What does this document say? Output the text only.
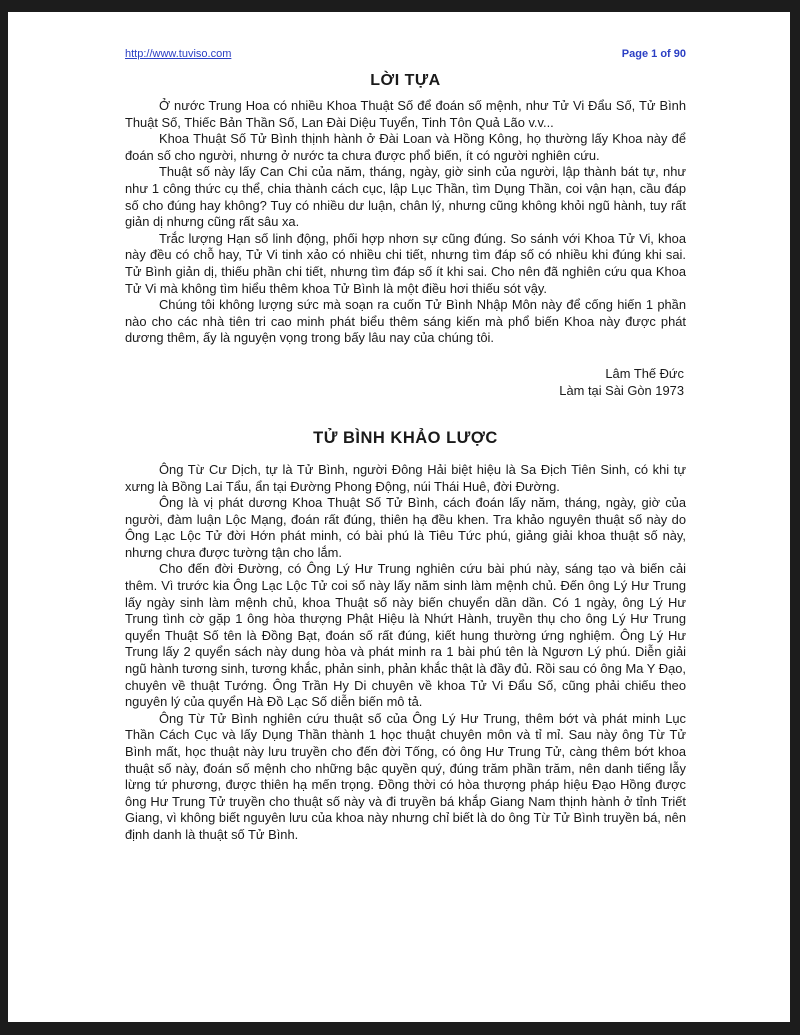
http://www.tuviso.com	Page 1 of 90
LỜI TỰA

Ở nước Trung Hoa có nhiều Khoa Thuật Số để đoán số mệnh, như Tử Vi Đẩu Số, Tử Bình Thuật Số, Thiếc Bản Thần Số, Lan Đài Diệu Tuyển, Tinh Tôn Quả Lão v.v...

Khoa Thuật Số Tử Bình thịnh hành ở Đài Loan và Hồng Kông, họ thường lấy Khoa này để đoán số cho người, nhưng ở nước ta chưa được phổ biến, ít có người nghiên cứu.

Thuật số này lấy Can Chi của năm, tháng, ngày, giờ sinh của người, lập thành bát tự, như như 1 công thức cụ thể, chia thành cách cục, lập Lục Thần, tìm Dụng Thần, coi vận hạn, cầu đáp số cho đúng hay không? Tuy có nhiều dư luận, chân lý, nhưng cũng không khỏi ngũ hành, tuy rất giản dị nhưng cũng rất sâu xa.

Trắc lượng Hạn số linh động, phối hợp nhơn sự cũng đúng. So sánh với Khoa Tử Vi, khoa này đều có chỗ hay, Tử Vi tinh xảo có nhiều chi tiết, nhưng tìm đáp số có nhiều khi đúng khi sai. Tử Bình giản dị, thiếu phần chi tiết, nhưng tìm đáp số ít khi sai. Cho nên đã nghiên cứu qua Khoa Tử Vi mà không tìm hiểu thêm khoa Tử Bình là một điều hơi thiếu sót vậy.

Chúng tôi không lượng sức mà soạn ra cuốn Tử Bình Nhập Môn này để cống hiến 1 phần nào cho các nhà tiên tri cao minh phát biểu thêm sáng kiến mà phổ biến Khoa này được phát dương thêm, ấy là nguyện vọng trong bấy lâu nay của chúng tôi.

Lâm Thế Đức
Làm tại Sài Gòn 1973
TỬ BÌNH KHẢO LƯỢC

Ông Từ Cư Dịch, tự là Tử Bình, người Đông Hải biệt hiệu là Sa Địch Tiên Sinh, có khi tự xưng là Bồng Lai Tẩu, ẩn tại Đường Phong Động, núi Thái Huê, đời Đường.

Ông là vị phát dương Khoa Thuật Số Tử Bình, cách đoán lấy năm, tháng, ngày, giờ của người, đàm luận Lộc Mạng, đoán rất đúng, thiên hạ đều khen. Tra khảo nguyên thuật số này do Ông Lạc Lộc Tử đời Hớn phát minh, có bài phú là Tiêu Tức phú, giảng giải khoa thuật số này, nhưng chưa được tường tận cho lắm.

Cho đến đời Đường, có Ông Lý Hư Trung nghiên cứu bài phú này, sáng tạo và biến cải thêm. Vì trước kia Ông Lạc Lộc Tử coi số này lấy năm sinh làm mệnh chủ. Đến ông Lý Hư Trung lấy ngày sinh làm mệnh chủ, khoa Thuật số này biến chuyển dần dần. Có 1 ngày, ông Lý Hư Trung tình cờ gặp 1 ông hòa thượng Phật Hiệu là Nhứt Hành, truyền thụ cho ông Lý Hư Trung quyển Thuật Số tên là Đồng Bạt, đoán số rất đúng, kiết hung thường ứng nghiệm. Ông Lý Hư Trung lấy 2 quyển sách này dung hòa và phát minh ra 1 bài phú tên là Ngươn Lý phú. Diễn giải ngũ hành tương sinh, tương khắc, phản sinh, phản khắc thật là đầy đủ. Rồi sau có ông Ma Y Đạo, chuyên về thuật Tướng. Ông Trần Hy Di chuyên về khoa Tử Vi Đẩu Số, cũng phải chiếu theo nguyên lý của quyển Hà Đồ Lạc Số diễn biến mô tả.

Ông Từ Tử Bình nghiên cứu thuật số của Ông Lý Hư Trung, thêm bớt và phát minh Lục Thần Cách Cục và lấy Dụng Thần thành 1 học thuật chuyên môn và tỉ mỉ. Sau này ông Từ Tử Bình mất, học thuật này lưu truyền cho đến đời Tống, có ông Hư Trung Tử, càng thêm bớt khoa thuật số này, đoán số mệnh cho những bậc quyền quý, đúng trăm phần trăm, nên danh tiếng lẫy lừng tứ phương, được thiên hạ mến trọng. Đồng thời có hòa thượng pháp hiệu Đạo Hồng được ông Hư Trung Tử truyền cho thuật số này và đi truyền bá khắp Giang Nam thịnh hành ở tỉnh Triết Giang, vì không biết nguyên lưu của khoa này nhưng chỉ biết là do ông Từ Tử Bình truyền bá, nên định danh là thuật số Tử Bình.
